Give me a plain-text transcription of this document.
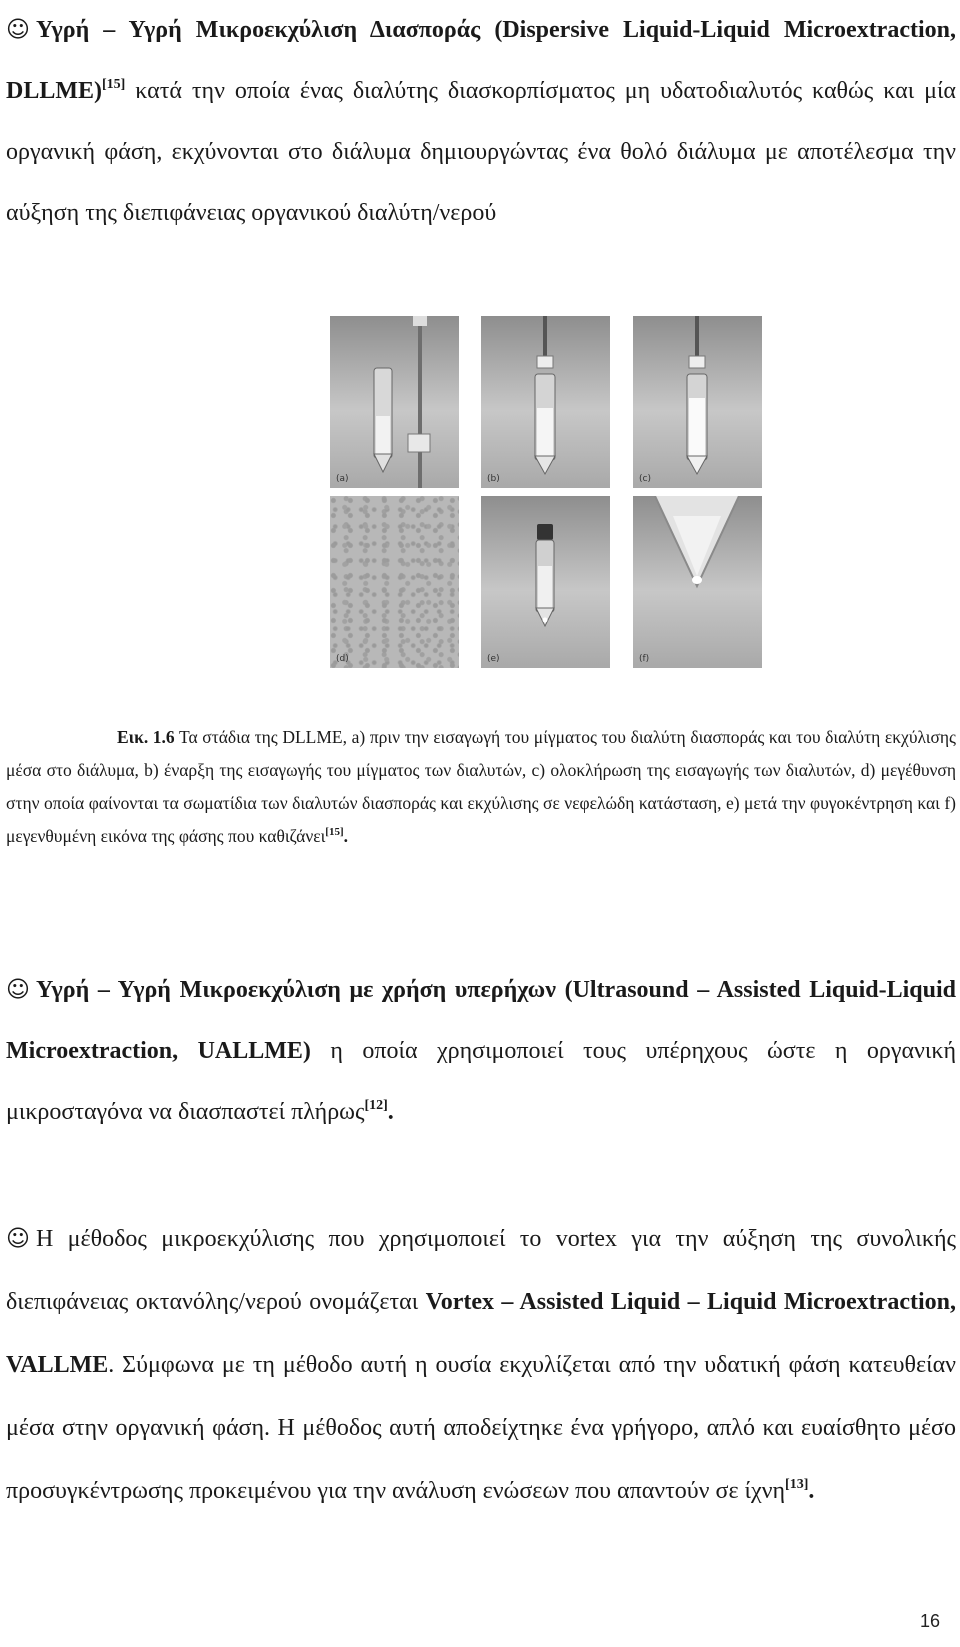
☺ Υγρή – Υγρή Μικροεκχύλιση Διασποράς (Dispersive Liquid-Liquid Microextraction, DLLME)[15] κατά την οποία ένας διαλύτης διασκορπίσματος μη υδατοδιαλυτός καθώς και μία οργανική φάση, εκχύνονται στο διάλυμα δημιουργώντας ένα θολό διάλυμα με αποτέλεσμα την αύξηση της διεπιφάνειας οργανικού διαλύτη/νερού

(a)	(b)	(c)
(d)	(e)	(f)

Εικ. 1.6 Τα στάδια της DLLME, a) πριν την εισαγωγή του μίγματος του διαλύτη διασποράς και του διαλύτη εκχύλισης μέσα στο διάλυμα, b) έναρξη της εισαγωγής του μίγματος των διαλυτών, c) ολοκλήρωση της εισαγωγής των διαλυτών, d) μεγέθυνση στην οποία φαίνονται τα σωματίδια των διαλυτών διασποράς και εκχύλισης σε νεφελώδη κατάσταση, e) μετά την φυγοκέντρηση και f) μεγενθυμένη εικόνα της φάσης που καθιζάνει[15].

☺ Υγρή – Υγρή Μικροεκχύλιση με χρήση υπερήχων (Ultrasound – Assisted Liquid-Liquid Microextraction, UALLME) η οποία χρησιμοποιεί τους υπέρηχους ώστε η οργανική μικροσταγόνα να διασπαστεί πλήρως[12].

☺ Η μέθοδος μικροεκχύλισης που χρησιμοποιεί το vortex για την αύξηση της συνολικής διεπιφάνειας οκτανόλης/νερού ονομάζεται Vortex – Assisted Liquid – Liquid Microextraction, VALLME. Σύμφωνα με τη μέθοδο αυτή η ουσία εκχυλίζεται από την υδατική φάση κατευθείαν μέσα στην οργανική φάση. Η μέθοδος αυτή αποδείχτηκε ένα γρήγορο, απλό και ευαίσθητο μέσο προσυγκέντρωσης προκειμένου για την ανάλυση ενώσεων που απαντούν σε ίχνη[13].

16
